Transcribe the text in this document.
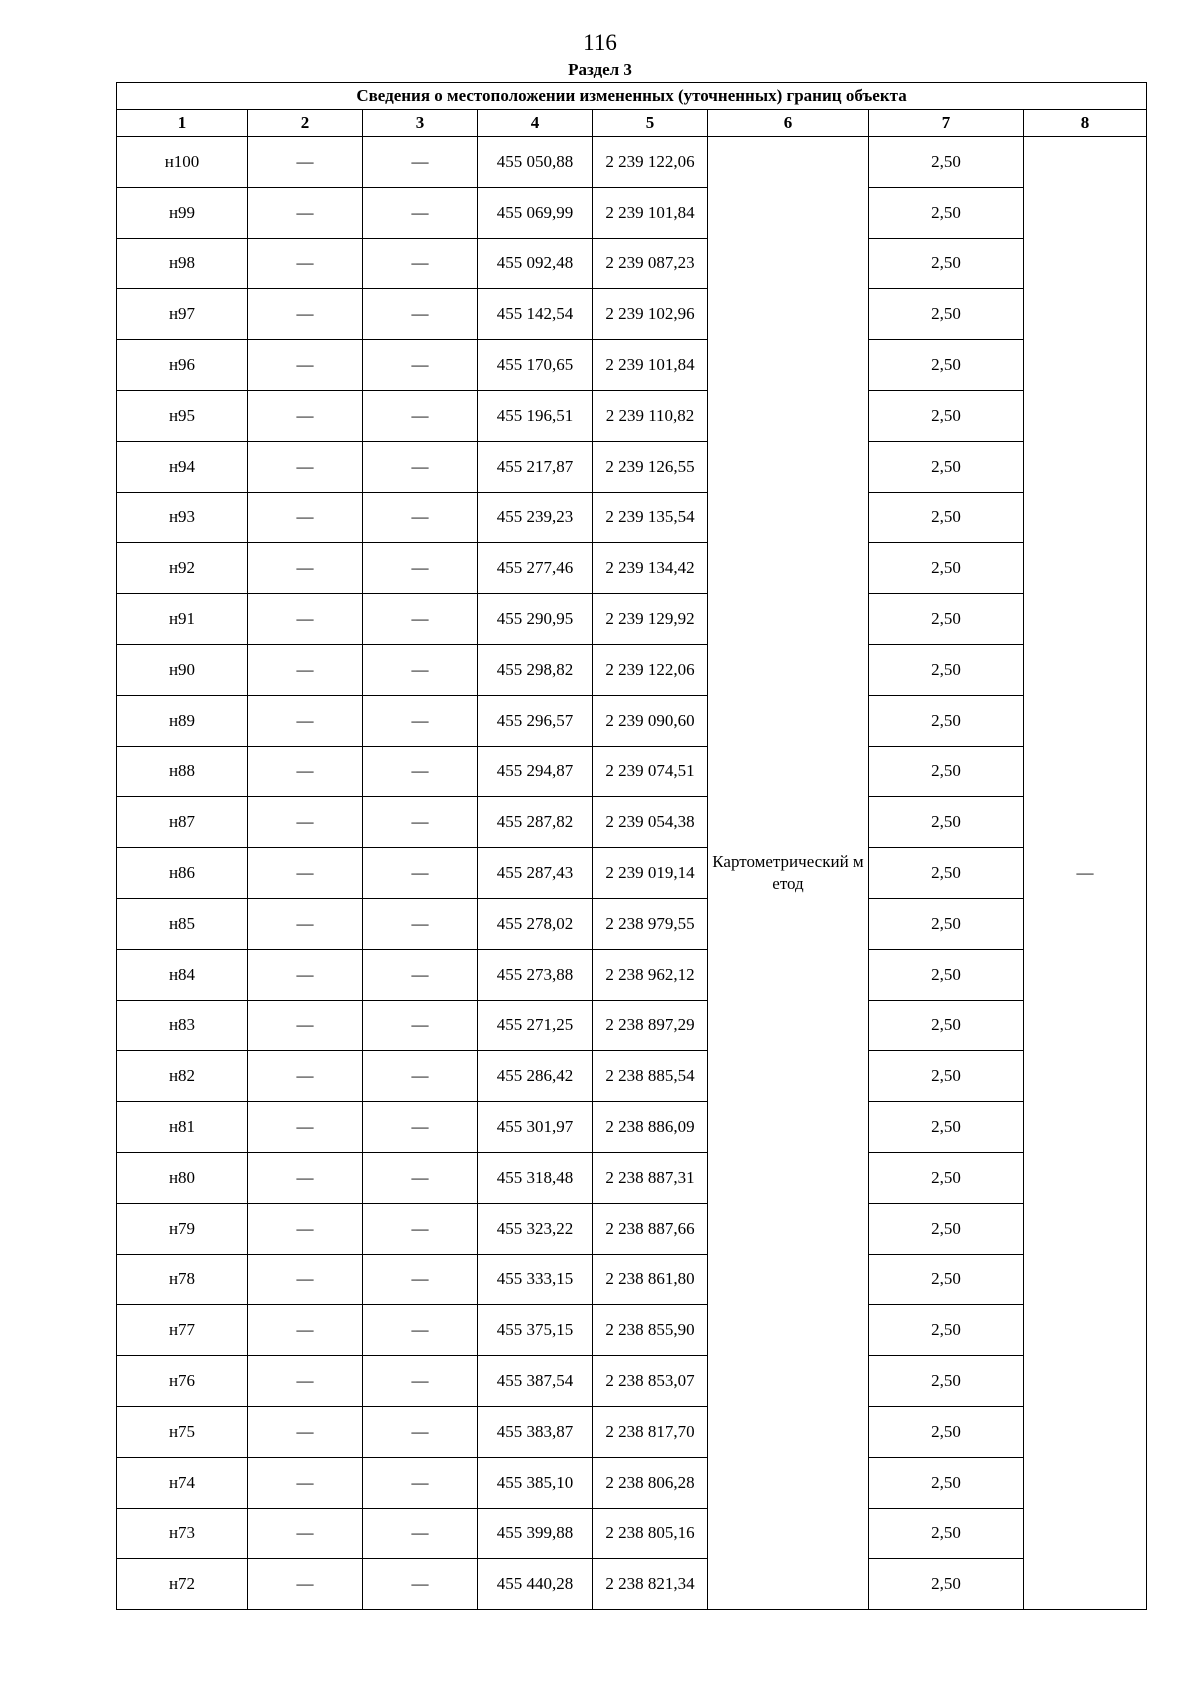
116
Раздел 3
Сведения о местоположении измененных (уточненных) границ объекта							
1	2	3	4	5	6	7	8
н100	—	—	455 050,88	2 239 122,06	Картометрический метод	2,50	—
н99	—	—	455 069,99	2 239 101,84		2,50	
н98	—	—	455 092,48	2 239 087,23		2,50	
н97	—	—	455 142,54	2 239 102,96		2,50	
н96	—	—	455 170,65	2 239 101,84		2,50	
н95	—	—	455 196,51	2 239 110,82		2,50	
н94	—	—	455 217,87	2 239 126,55		2,50	
н93	—	—	455 239,23	2 239 135,54		2,50	
н92	—	—	455 277,46	2 239 134,42		2,50	
н91	—	—	455 290,95	2 239 129,92		2,50	
н90	—	—	455 298,82	2 239 122,06		2,50	
н89	—	—	455 296,57	2 239 090,60		2,50	
н88	—	—	455 294,87	2 239 074,51		2,50	
н87	—	—	455 287,82	2 239 054,38		2,50	
н86	—	—	455 287,43	2 239 019,14		2,50	
н85	—	—	455 278,02	2 238 979,55		2,50	
н84	—	—	455 273,88	2 238 962,12		2,50	
н83	—	—	455 271,25	2 238 897,29		2,50	
н82	—	—	455 286,42	2 238 885,54		2,50	
н81	—	—	455 301,97	2 238 886,09		2,50	
н80	—	—	455 318,48	2 238 887,31		2,50	
н79	—	—	455 323,22	2 238 887,66		2,50	
н78	—	—	455 333,15	2 238 861,80		2,50	
н77	—	—	455 375,15	2 238 855,90		2,50	
н76	—	—	455 387,54	2 238 853,07		2,50	
н75	—	—	455 383,87	2 238 817,70		2,50	
н74	—	—	455 385,10	2 238 806,28		2,50	
н73	—	—	455 399,88	2 238 805,16		2,50	
н72	—	—	455 440,28	2 238 821,34		2,50	
